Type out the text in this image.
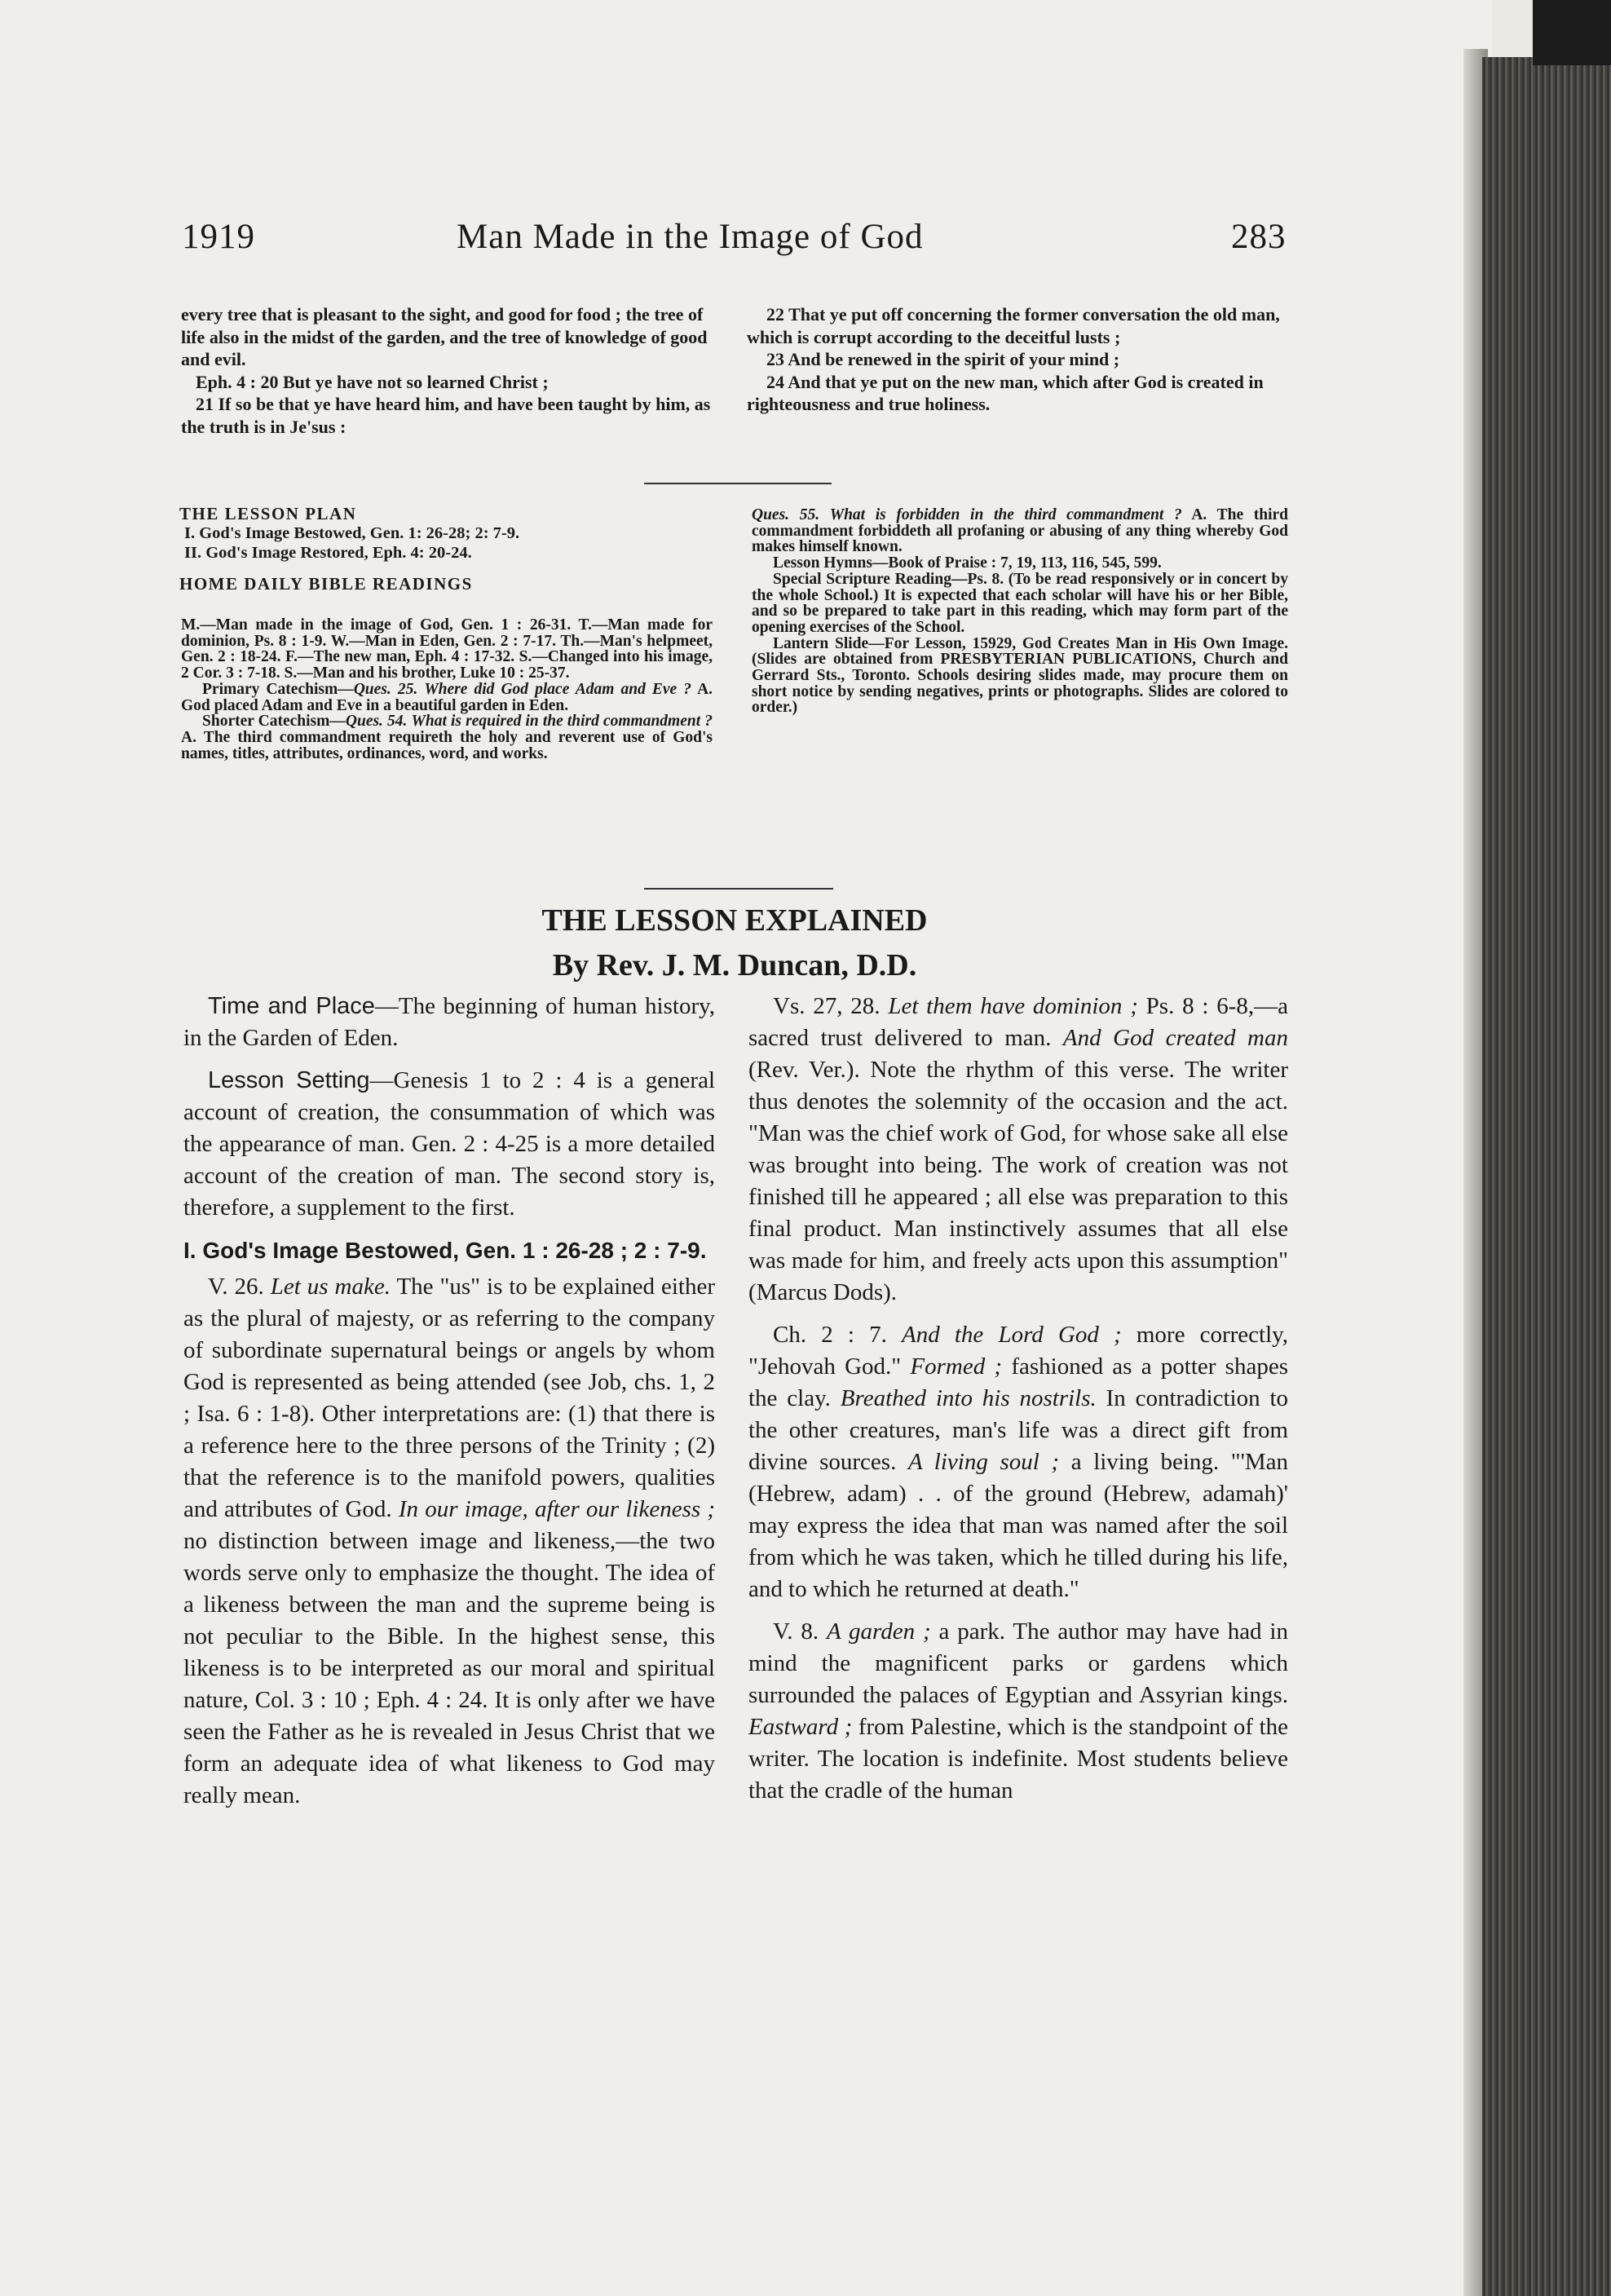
1919	Man Made in the Image of God	283

every tree that is pleasant to the sight, and good for food ; the tree of life also in the midst of the garden, and the tree of knowledge of good and evil.

Eph. 4 : 20 But ye have not so learned Christ ;

21 If so be that ye have heard him, and have been taught by him, as the truth is in Je'sus :

22 That ye put off concerning the former conversation the old man, which is corrupt according to the deceitful lusts ;

23 And be renewed in the spirit of your mind ;

24 And that ye put on the new man, which after God is created in righteousness and true holiness.

THE LESSON PLAN

I. God's Image Bestowed, Gen. 1: 26-28; 2: 7-9.

II. God's Image Restored, Eph. 4: 20-24.

HOME DAILY BIBLE READINGS

M.—Man made in the image of God, Gen. 1 : 26-31. T.—Man made for dominion, Ps. 8 : 1-9. W.—Man in Eden, Gen. 2 : 7-17. Th.—Man's helpmeet, Gen. 2 : 18-24. F.—The new man, Eph. 4 : 17-32. S.—Changed into his image, 2 Cor. 3 : 7-18. S.—Man and his brother, Luke 10 : 25-37.

Primary Catechism—Ques. 25. Where did God place Adam and Eve ? A. God placed Adam and Eve in a beautiful garden in Eden.

Shorter Catechism—Ques. 54. What is required in the third commandment ? A. The third commandment requireth the holy and reverent use of God's names, titles, attributes, ordinances, word, and works.

Ques. 55. What is forbidden in the third commandment ? A. The third commandment forbiddeth all profaning or abusing of any thing whereby God makes himself known.

Lesson Hymns—Book of Praise : 7, 19, 113, 116, 545, 599.

Special Scripture Reading—Ps. 8. (To be read responsively or in concert by the whole School.) It is expected that each scholar will have his or her Bible, and so be prepared to take part in this reading, which may form part of the opening exercises of the School.

Lantern Slide—For Lesson, 15929, God Creates Man in His Own Image. (Slides are obtained from PRESBYTERIAN PUBLICATIONS, Church and Gerrard Sts., Toronto. Schools desiring slides made, may procure them on short notice by sending negatives, prints or photographs. Slides are colored to order.)

THE LESSON EXPLAINED
By Rev. J. M. Duncan, D.D.

Time and Place—The beginning of human history, in the Garden of Eden.

Lesson Setting—Genesis 1 to 2 : 4 is a general account of creation, the consummation of which was the appearance of man. Gen. 2 : 4-25 is a more detailed account of the creation of man. The second story is, therefore, a supplement to the first.

I. God's Image Bestowed, Gen. 1 : 26-28 ; 2 : 7-9.

V. 26. Let us make. The "us" is to be explained either as the plural of majesty, or as referring to the company of subordinate supernatural beings or angels by whom God is represented as being attended (see Job, chs. 1, 2 ; Isa. 6 : 1-8). Other interpretations are: (1) that there is a reference here to the three persons of the Trinity ; (2) that the reference is to the manifold powers, qualities and attributes of God. In our image, after our likeness ; no distinction between image and likeness,—the two words serve only to emphasize the thought. The idea of a likeness between the man and the supreme being is not peculiar to the Bible. In the highest sense, this likeness is to be interpreted as our moral and spiritual nature, Col. 3 : 10 ; Eph. 4 : 24. It is only after we have seen the Father as he is revealed in Jesus Christ that we form an adequate idea of what likeness to God may really mean.

Vs. 27, 28. Let them have dominion ; Ps. 8 : 6-8,—a sacred trust delivered to man. And God created man (Rev. Ver.). Note the rhythm of this verse. The writer thus denotes the solemnity of the occasion and the act. "Man was the chief work of God, for whose sake all else was brought into being. The work of creation was not finished till he appeared ; all else was preparation to this final product. Man instinctively assumes that all else was made for him, and freely acts upon this assumption" (Marcus Dods).

Ch. 2 : 7. And the Lord God ; more correctly, "Jehovah God." Formed ; fashioned as a potter shapes the clay. Breathed into his nostrils. In contradiction to the other creatures, man's life was a direct gift from divine sources. A living soul ; a living being. "'Man (Hebrew, adam) . . of the ground (Hebrew, adamah)' may express the idea that man was named after the soil from which he was taken, which he tilled during his life, and to which he returned at death."

V. 8. A garden ; a park. The author may have had in mind the magnificent parks or gardens which surrounded the palaces of Egyptian and Assyrian kings. Eastward ; from Palestine, which is the standpoint of the writer. The location is indefinite. Most students believe that the cradle of the human
